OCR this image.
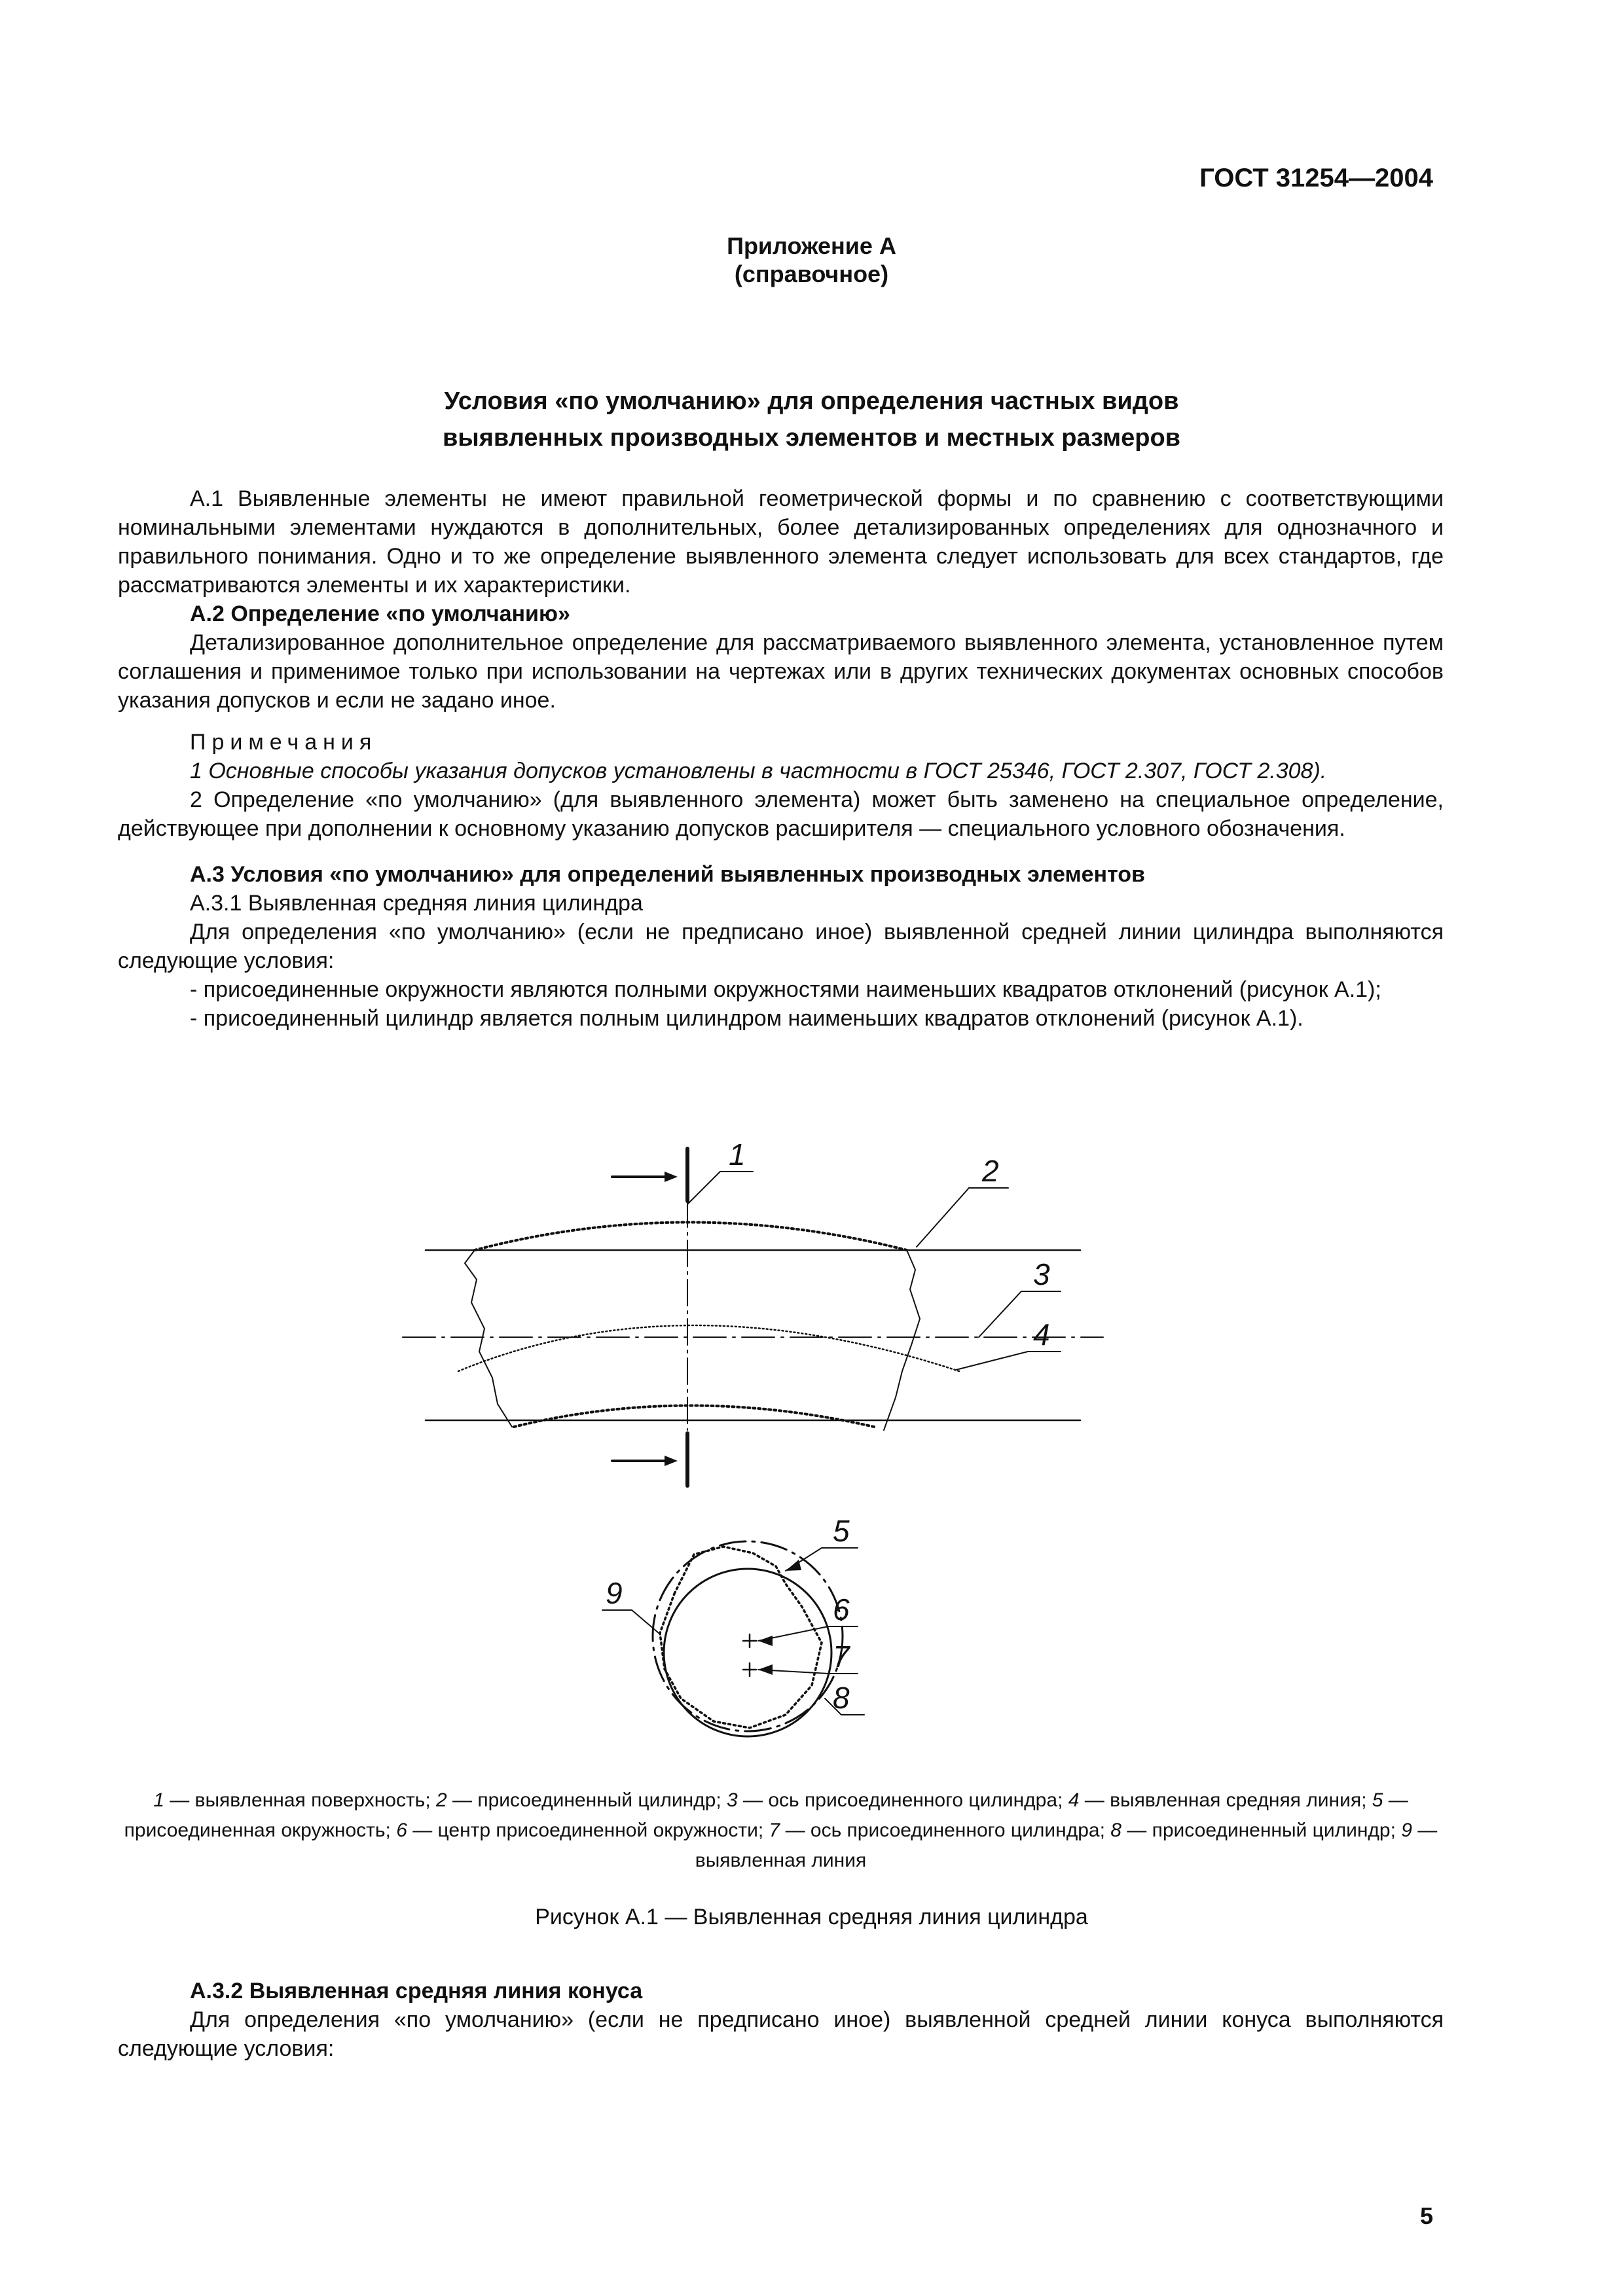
ГОСТ 31254—2004
Приложение А
(справочное)
Условия «по умолчанию» для определения частных видов
выявленных производных элементов и местных размеров

А.1 Выявленные элементы не имеют правильной геометрической формы и по сравнению с соответствующими номинальными элементами нуждаются в дополнительных, более детализированных определениях для однозначного и правильного понимания. Одно и то же определение выявленного элемента следует использовать для всех стандартов, где рассматриваются элементы и их характеристики.

А.2 Определение «по умолчанию»

Детализированное дополнительное определение для рассматриваемого выявленного элемента, установленное путем соглашения и применимое только при использовании на чертежах или в других технических документах основных способов указания допусков и если не задано иное.

Примечания

1 Основные способы указания допусков установлены в частности в ГОСТ 25346, ГОСТ 2.307, ГОСТ 2.308).

2 Определение «по умолчанию» (для выявленного элемента) может быть заменено на специальное определение, действующее при дополнении к основному указанию допусков расширителя — специального условного обозначения.

А.3 Условия «по умолчанию» для определений выявленных производных элементов

А.3.1 Выявленная средняя линия цилиндра

Для определения «по умолчанию» (если не предписано иное) выявленной средней линии цилиндра выполняются следующие условия:

- присоединенные окружности являются полными окружностями наименьших квадратов отклонений (рисунок А.1);

- присоединенный цилиндр является полным цилиндром наименьших квадратов отклонений (рисунок А.1).

1	2
3
4
5
6
7
8
9
1 — выявленная поверхность; 2 — присоединенный цилиндр; 3 — ось присоединенного цилиндра; 4 — выявленная средняя линия; 5 — присоединенная окружность; 6 — центр присоединенной окружности; 7 — ось присоединенного цилиндра; 8 — присоединенный цилиндр; 9 — выявленная линия
Рисунок А.1 — Выявленная средняя линия цилиндра

А.3.2 Выявленная средняя линия конуса

Для определения «по умолчанию» (если не предписано иное) выявленной средней линии конуса выполняются следующие условия:

5
